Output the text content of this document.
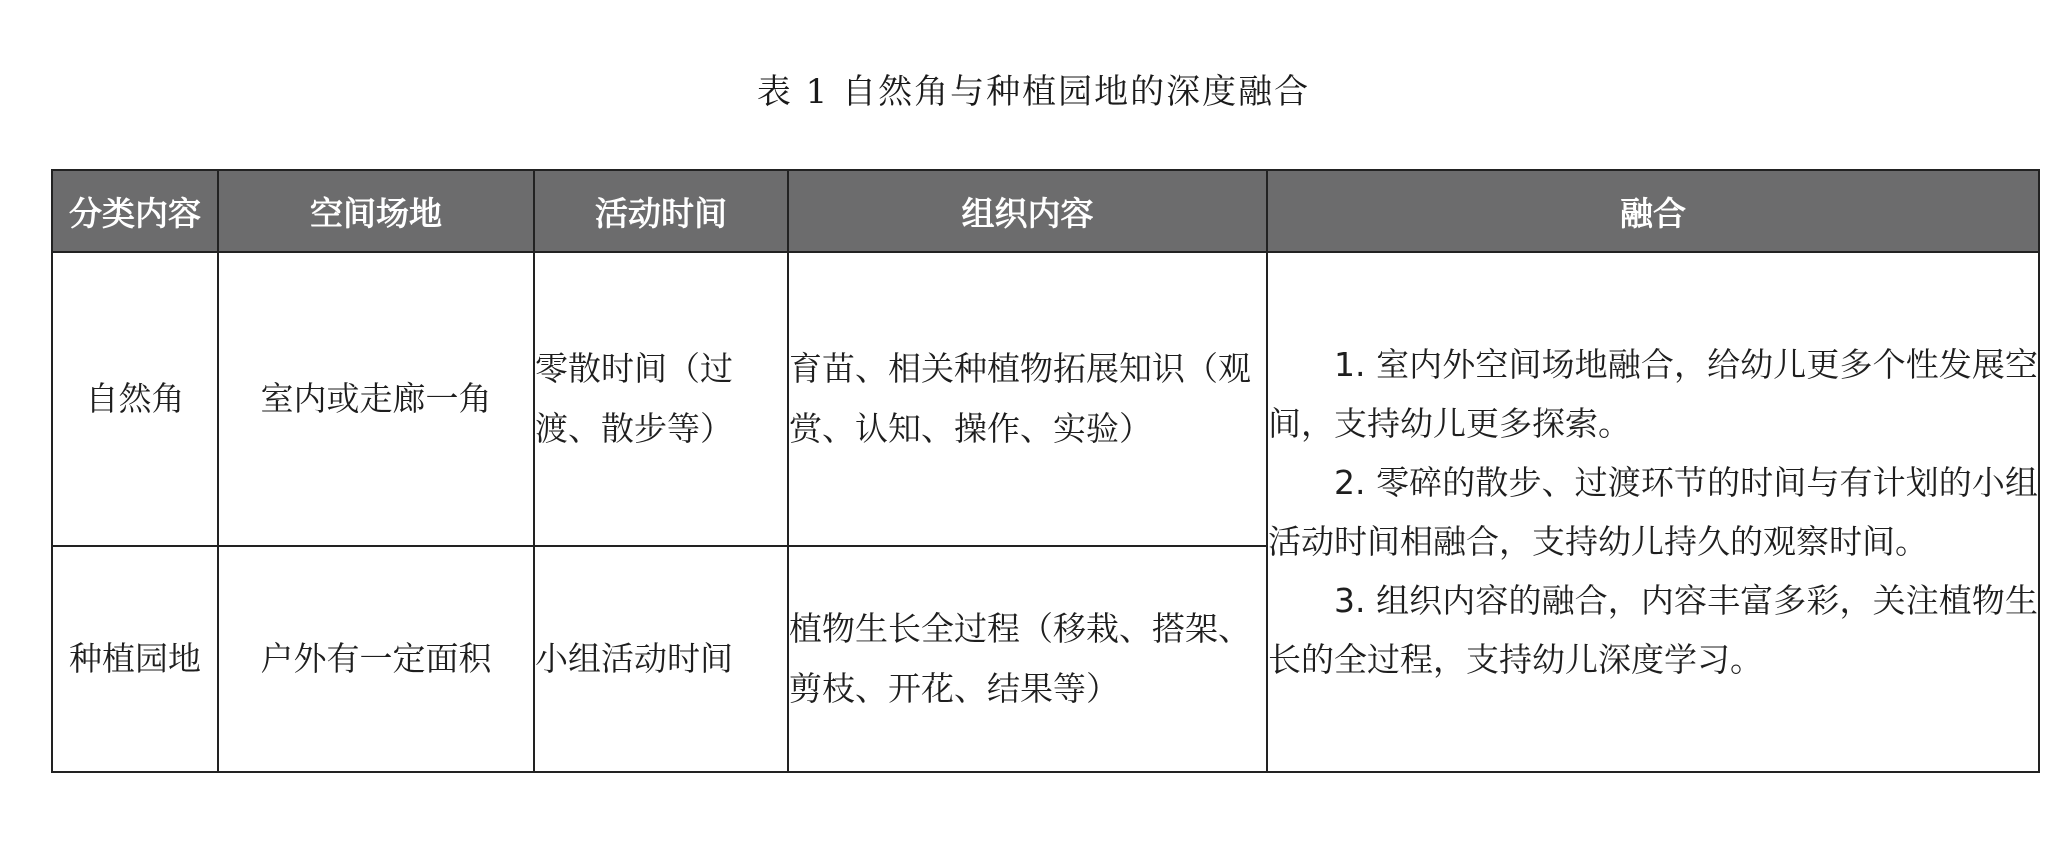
表 1 自然角与种植园地的深度融合
分类内容	空间场地	活动时间	组织内容	融合
自然角	室内或走廊一角	零散时间（过渡、散步等）	育苗、相关种植物拓展知识（观赏、认知、操作、实验）	1. 室内外空间场地融合，给幼儿更多个性发展空间，支持幼儿更多探索。
2. 零碎的散步、过渡环节的时间与有计划的小组活动时间相融合，支持幼儿持久的观察时间。
3. 组织内容的融合，内容丰富多彩，关注植物生长的全过程，支持幼儿深度学习。

种植园地	户外有一定面积	小组活动时间	植物生长全过程（移栽、搭架、剪枝、开花、结果等）	
